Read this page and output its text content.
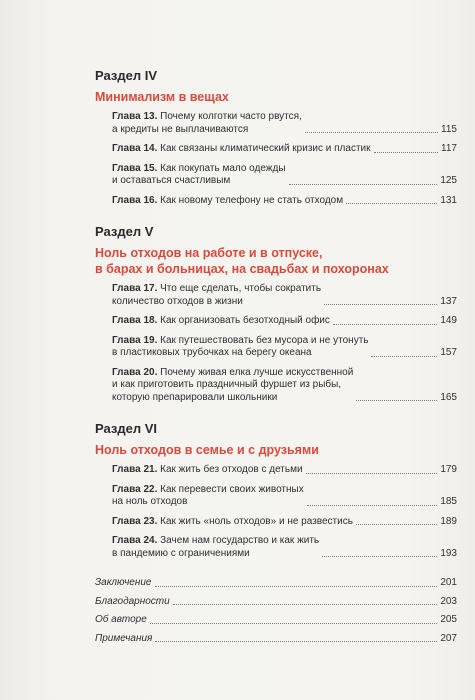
Раздел IV
Минимализм в вещах
Глава 13. Почему колготки часто рвутся,
а кредиты не выплачиваются	115
Глава 14. Как связаны климатический кризис и пластик	117
Глава 15. Как покупать мало одежды
и оставаться счастливым	125
Глава 16. Как новому телефону не стать отходом	131
Раздел V
Ноль отходов на работе и в отпуске,
в барах и больницах, на свадьбах и похоронах
Глава 17. Что еще сделать, чтобы сократить
количество отходов в жизни	137
Глава 18. Как организовать безотходный офис	149
Глава 19. Как путешествовать без мусора и не утонуть
в пластиковых трубочках на берегу океана	157
Глава 20. Почему живая елка лучше искусственной
и как приготовить праздничный фуршет из рыбы,
которую препарировали школьники	165
Раздел VI
Ноль отходов в семье и с друзьями
Глава 21. Как жить без отходов с детьми	179
Глава 22. Как перевести своих животных
на ноль отходов	185
Глава 23. Как жить «ноль отходов» и не развестись	189
Глава 24. Зачем нам государство и как жить
в пандемию с ограничениями	193
Заключение	201
Благодарности	203
Об авторе	205
Примечания	207
